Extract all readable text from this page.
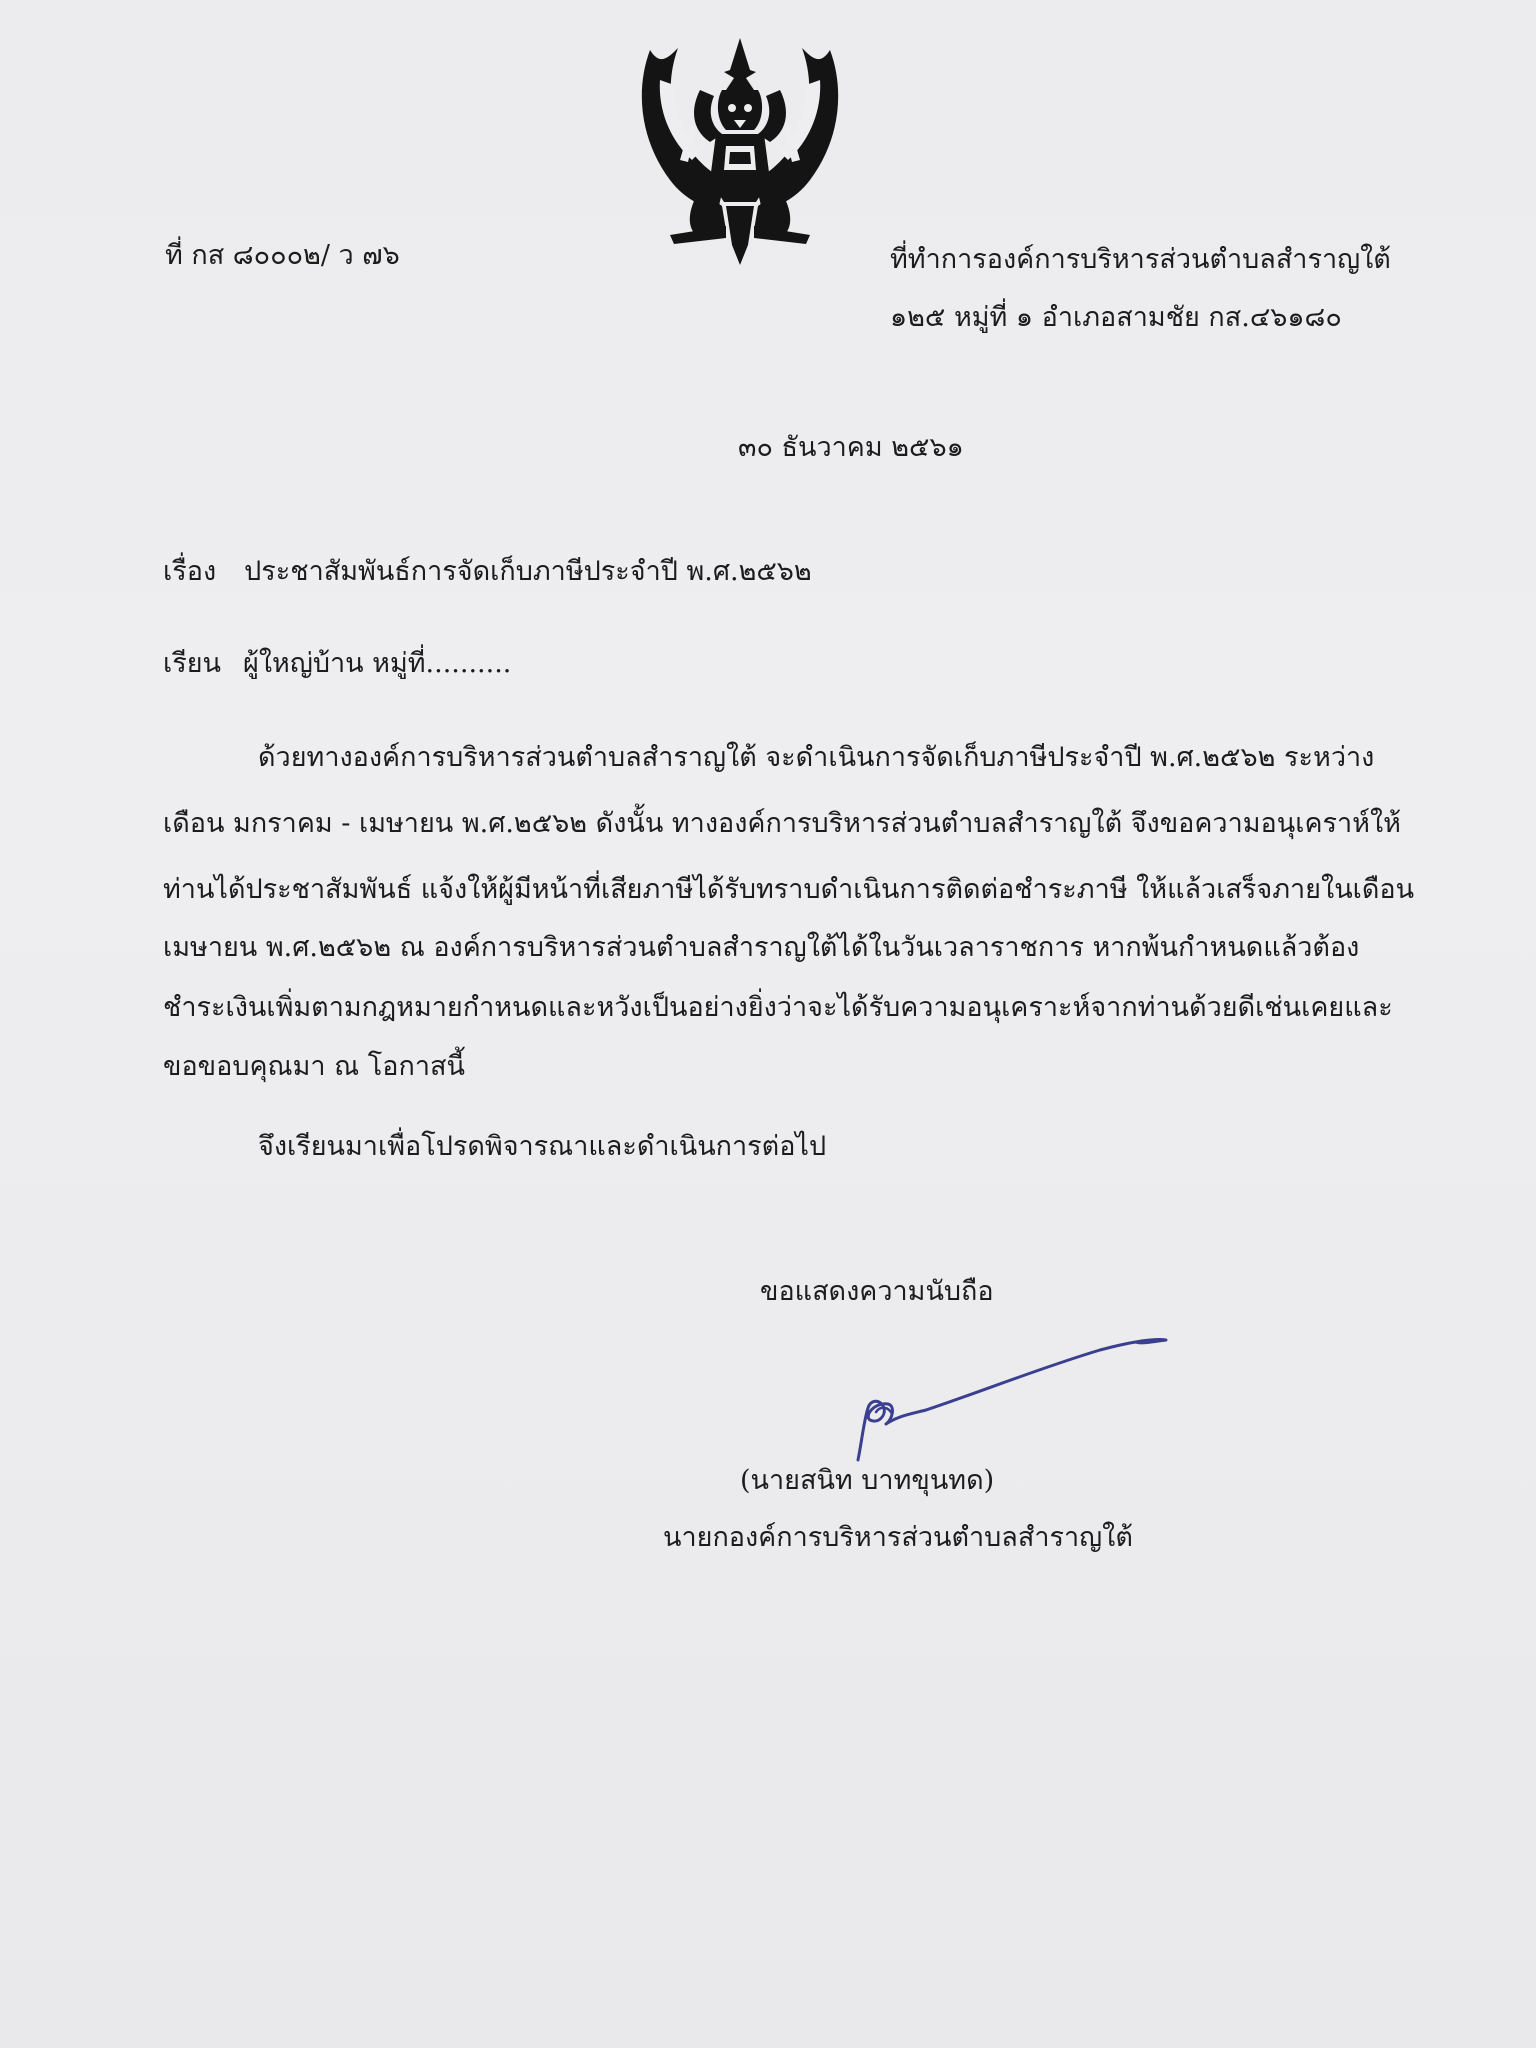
ที่ กส ๘๐๐๐๒/ ว ๗๖	ที่ทำการองค์การบริหารส่วนตำบลสำราญใต้
๑๒๕ หมู่ที่ ๑ อำเภอสามชัย กส.๔๖๑๘๐
๓๐ ธันวาคม ๒๕๖๑
เรื่อง ประชาสัมพันธ์การจัดเก็บภาษีประจำปี พ.ศ.๒๕๖๒
เรียน ผู้ใหญ่บ้าน หมู่ที่..........
ด้วยทางองค์การบริหารส่วนตำบลสำราญใต้ จะดำเนินการจัดเก็บภาษีประจำปี พ.ศ.๒๕๖๒ ระหว่าง
เดือน มกราคม - เมษายน พ.ศ.๒๕๖๒ ดังนั้น ทางองค์การบริหารส่วนตำบลสำราญใต้ จึงขอความอนุเคราห์ให้
ท่านได้ประชาสัมพันธ์ แจ้งให้ผู้มีหน้าที่เสียภาษีได้รับทราบดำเนินการติดต่อชำระภาษี ให้แล้วเสร็จภายในเดือน
เมษายน พ.ศ.๒๕๖๒ ณ องค์การบริหารส่วนตำบลสำราญใต้ได้ในวันเวลาราชการ หากพ้นกำหนดแล้วต้อง
ชำระเงินเพิ่มตามกฎหมายกำหนดและหวังเป็นอย่างยิ่งว่าจะได้รับความอนุเคราะห์จากท่านด้วยดีเช่นเคยและ
ขอขอบคุณมา ณ โอกาสนี้
จึงเรียนมาเพื่อโปรดพิจารณาและดำเนินการต่อไป
ขอแสดงความนับถือ
(นายสนิท บาทขุนทด)
นายกองค์การบริหารส่วนตำบลสำราญใต้
